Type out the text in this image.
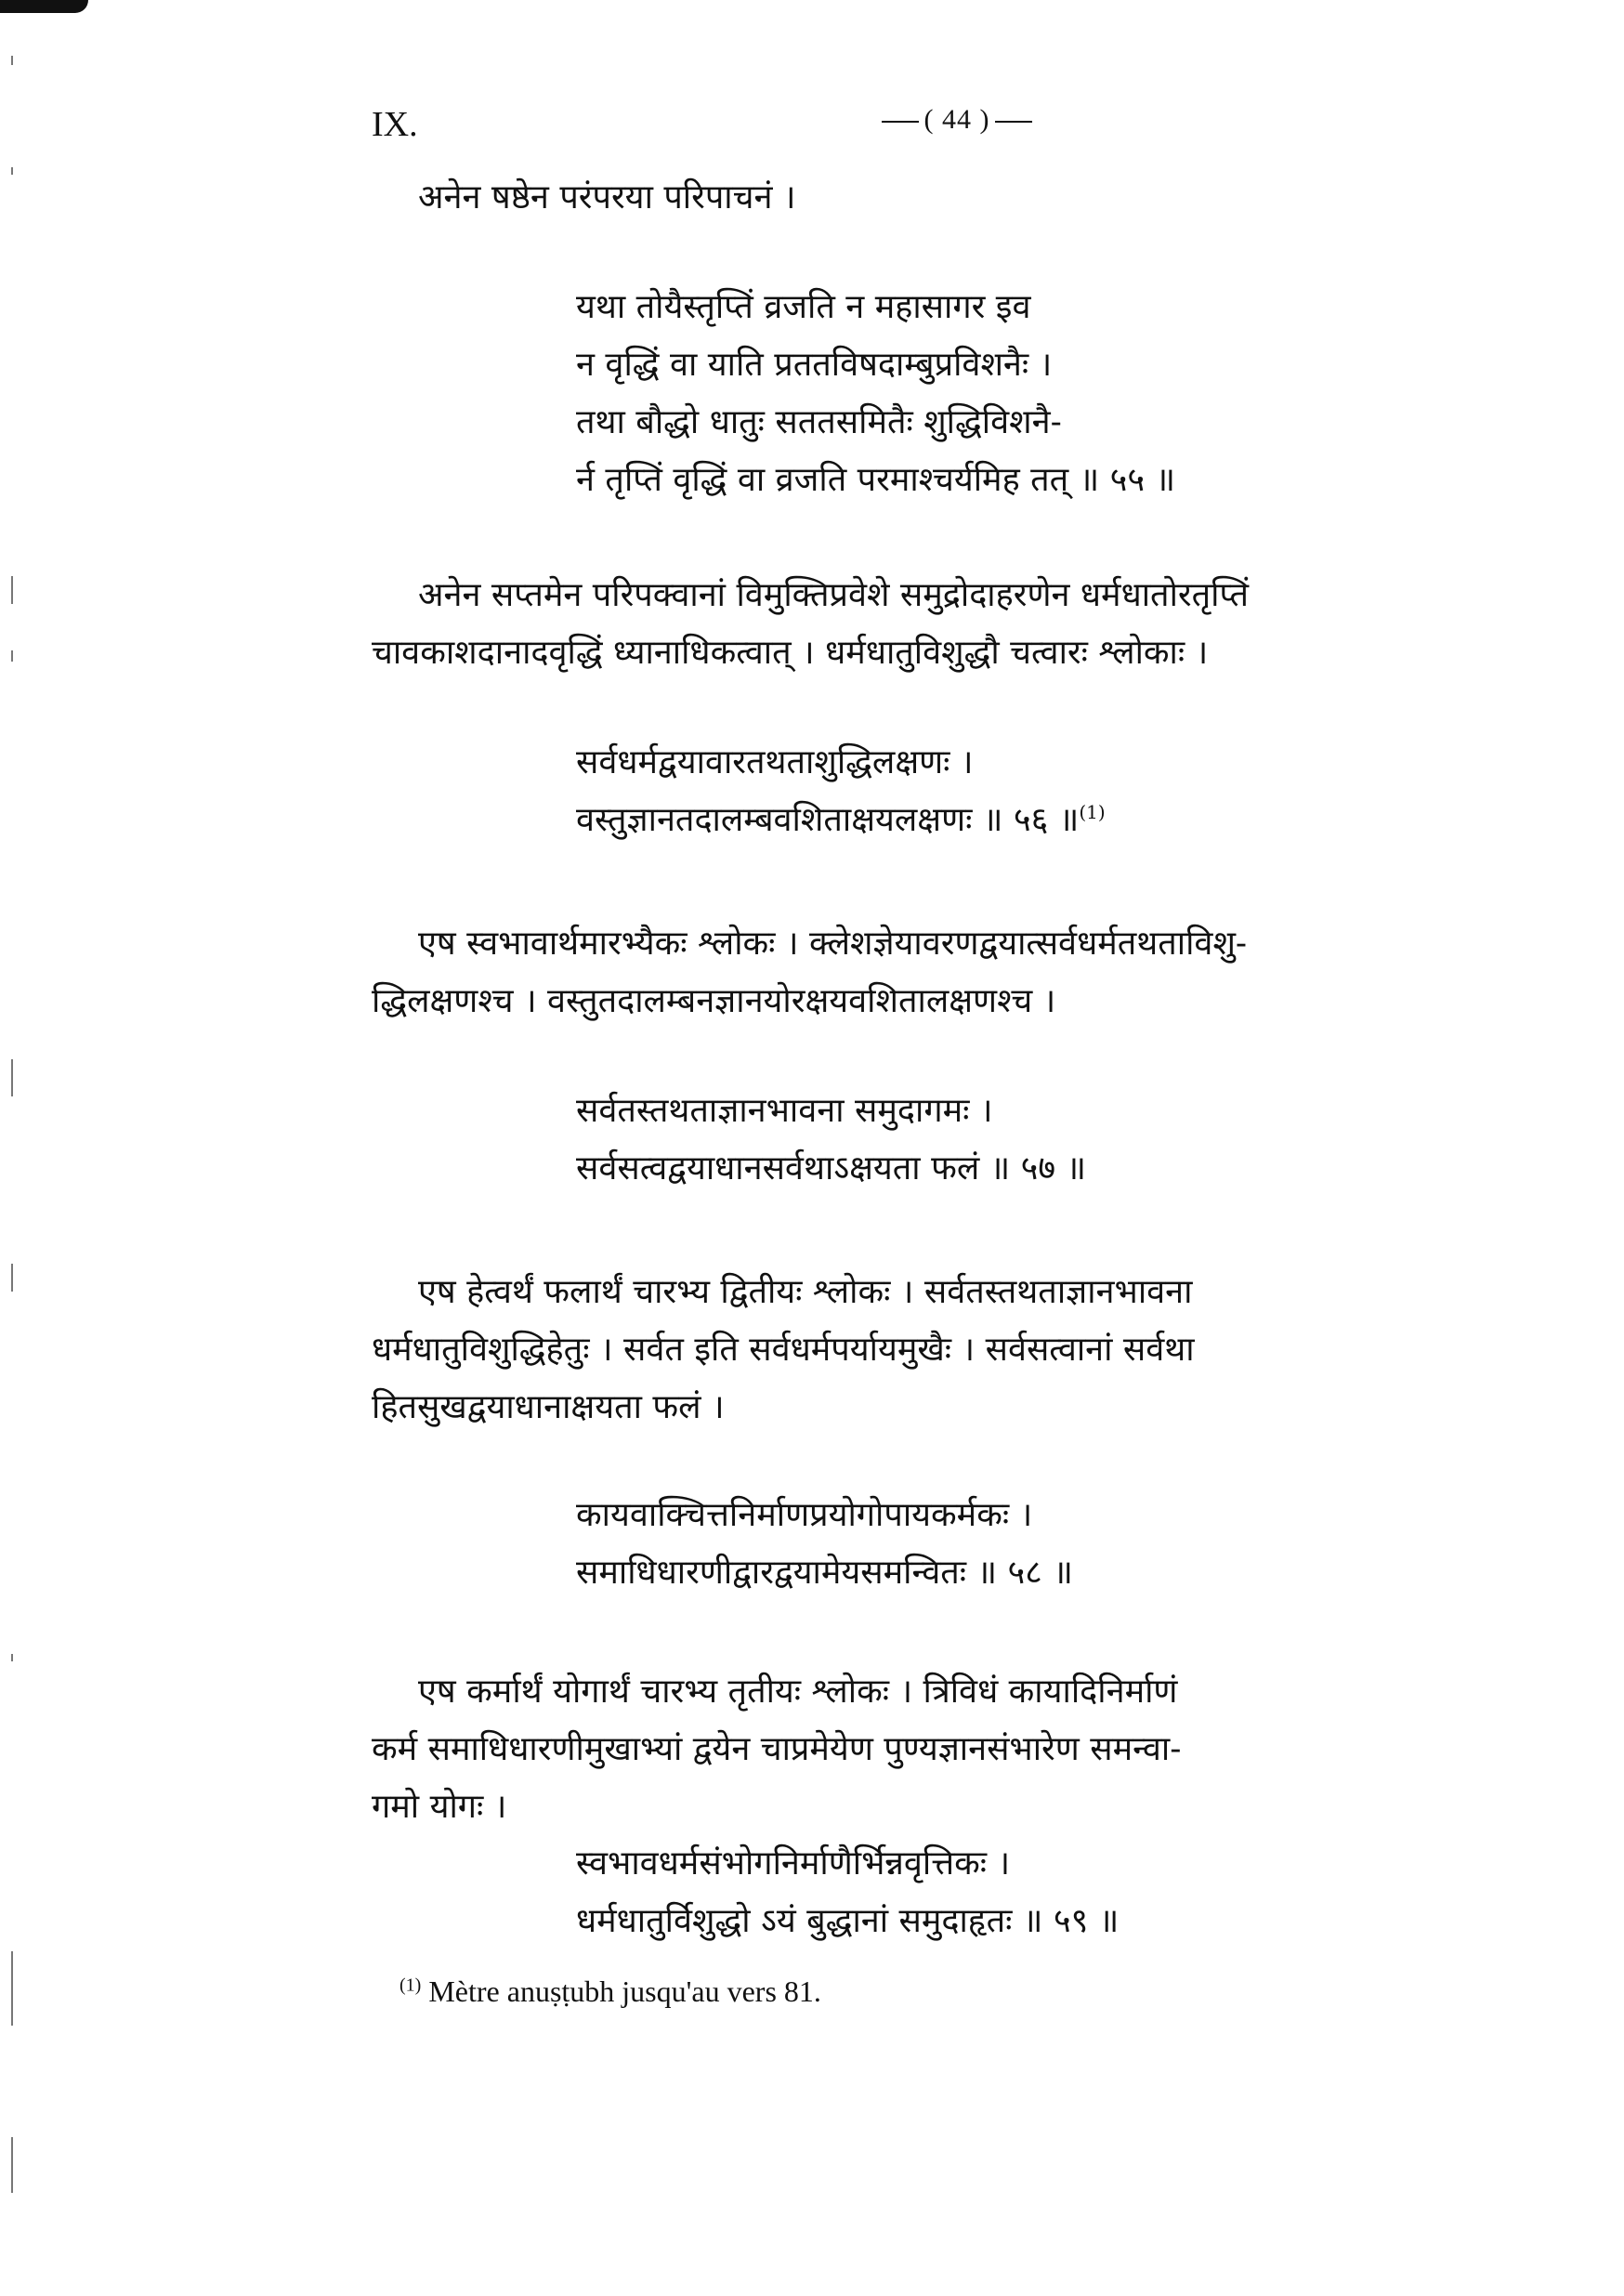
IX.	( 44 )
अनेन षष्ठेन परंपरया परिपाचनं ।
यथा तोयैस्तृप्तिं व्रजति न महासागर इव
न वृद्धिं वा याति प्रततविषदाम्बुप्रविशनैः ।
तथा बौद्धो धातुः सततसमितैः शुद्धिविशनै-
र्न तृप्तिं वृद्धिं वा व्रजति परमाश्चर्यमिह तत् ॥ ५५ ॥
अनेन सप्तमेन परिपक्वानां विमुक्तिप्रवेशे समुद्रोदाहरणेन धर्मधातोरतृप्तिं
चावकाशदानादवृद्धिं ध्यानाधिकत्वात् । धर्मधातुविशुद्धौ चत्वारः श्लोकाः ।
सर्वधर्मद्वयावारतथताशुद्धिलक्षणः ।
वस्तुज्ञानतदालम्बवशिताक्षयलक्षणः ॥ ५६ ॥$^{(1)}$
एष स्वभावार्थमारभ्यैकः श्लोकः । क्लेशज्ञेयावरणद्वयात्सर्वधर्मतथताविशु-
द्धिलक्षणश्च । वस्तुतदालम्बनज्ञानयोरक्षयवशितालक्षणश्च ।
सर्वतस्तथताज्ञानभावना समुदागमः ।
सर्वसत्वद्वयाधानसर्वथाऽक्षयता फलं ॥ ५७ ॥
एष हेत्वर्थं फलार्थं चारभ्य द्वितीयः श्लोकः । सर्वतस्तथताज्ञानभावना
धर्मधातुविशुद्धिहेतुः । सर्वत इति सर्वधर्मपर्यायमुखैः । सर्वसत्वानां सर्वथा
हितसुखद्वयाधानाक्षयता फलं ।
कायवाक्चित्तनिर्माणप्रयोगोपायकर्मकः ।
समाधिधारणीद्वारद्वयामेयसमन्वितः ॥ ५८ ॥
एष कर्मार्थं योगार्थं चारभ्य तृतीयः श्लोकः । त्रिविधं कायादिनिर्माणं
कर्म समाधिधारणीमुखाभ्यां द्वयेन चाप्रमेयेण पुण्यज्ञानसंभारेण समन्वा-
गमो योगः ।
$^{(1)}$ Mètre anuṣṭubh jusqu'au vers 81.
स्वभावधर्मसंभोगनिर्माणैर्भिन्नवृत्तिकः ।
धर्मधातुर्विशुद्धो ऽयं बुद्धानां समुदाहृतः ॥ ५९ ॥
